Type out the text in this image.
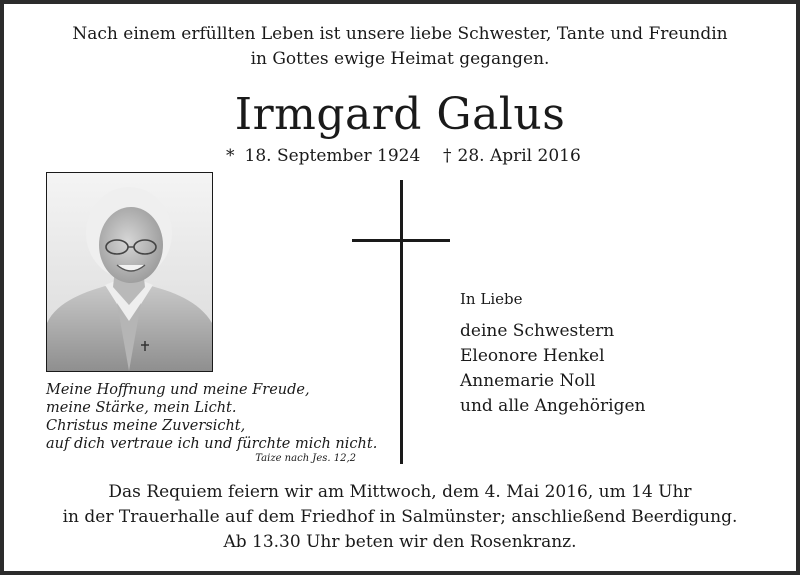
Nach einem erfüllten Leben ist unsere liebe Schwester, Tante und Freundin
in Gottes ewige Heimat gegangen.
Irmgard Galus
* 18. September 1924 † 28. April 2016
Meine Hoffnung und meine Freude,
meine Stärke, mein Licht.
Christus meine Zuversicht,
auf dich vertraue ich und fürchte mich nicht.
Taize nach Jes. 12,2
In Liebe
deine Schwestern
Eleonore Henkel
Annemarie Noll
und alle Angehörigen
Das Requiem feiern wir am Mittwoch, dem 4. Mai 2016, um 14 Uhr
in der Trauerhalle auf dem Friedhof in Salmünster; anschließend Beerdigung.
Ab 13.30 Uhr beten wir den Rosenkranz.
